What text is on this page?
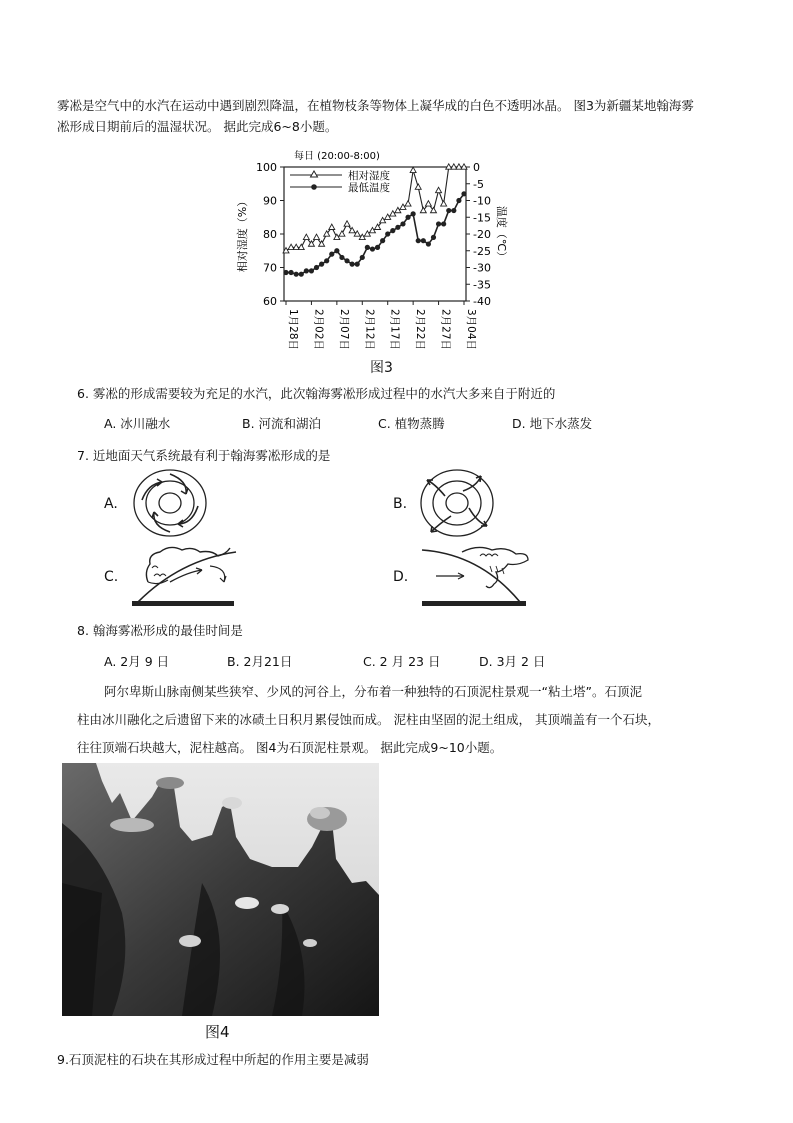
雾凇是空气中的水汽在运动中遇到剧烈降温，在植物枝条等物体上凝华成的白色不透明冰晶。 图3为新疆某地翰海雾
凇形成日期前后的温湿状况。 据此完成6~8小题。
100
90
80
70
60
0
-5
-10
-15
-20
-25
-30
-35
-40
1月28日 2月02日 2月07日 2月12日 2月17日 2月22日 2月27日 3月04日
相对湿度（%）	温度（℃）
每日 (20:00-8:00)
相对湿度
最低温度
图3
6. 雾凇的形成需要较为充足的水汽，此次翰海雾凇形成过程中的水汽大多来自于附近的
A. 冰川融水	B. 河流和湖泊	C. 植物蒸腾	D. 地下水蒸发
7. 近地面天气系统最有利于翰海雾凇形成的是
A.	B.
C.	D.
8. 翰海雾凇形成的最佳时间是
A. 2月 9 日	B. 2月21日	C. 2 月 23 日	D. 3月 2 日
阿尔卑斯山脉南侧某些狭窄、少风的河谷上，分布着一种独特的石顶泥柱景观一“粘土塔”。石顶泥
柱由冰川融化之后遗留下来的冰碛土日积月累侵蚀而成。 泥柱由坚固的泥土组成， 其顶端盖有一个石块，
往往顶端石块越大，泥柱越高。 图4为石顶泥柱景观。 据此完成9~10小题。
图4
9.石顶泥柱的石块在其形成过程中所起的作用主要是减弱
